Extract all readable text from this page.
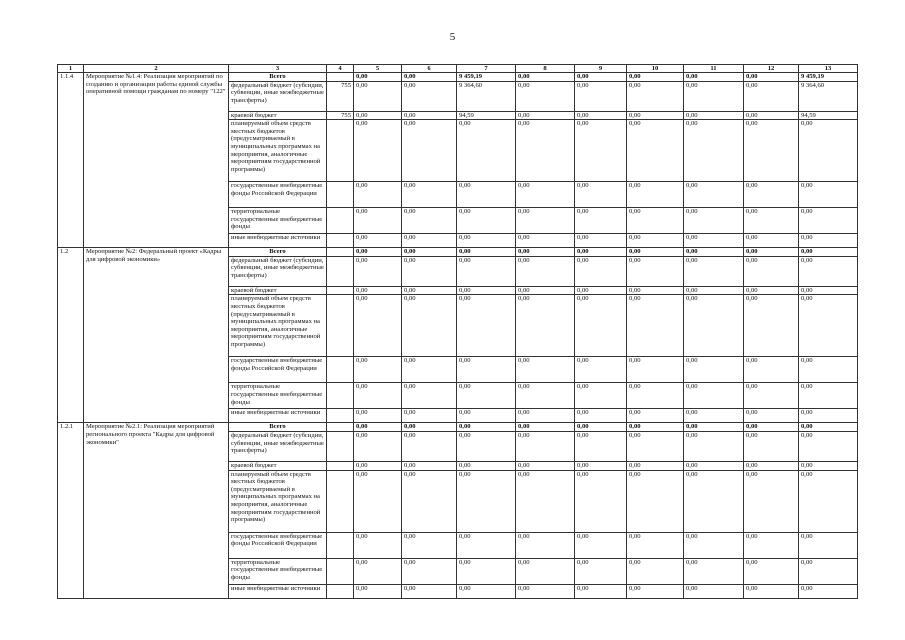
5
1	2	3	4	5	6	7	8	9	10	11	12	13
1.1.4	Мероприятие №1.4: Реализация мероприятий по созданию и организации работы единой службы оперативной помощи гражданам по номеру "122"	Всего		0,00	0,00	9 459,19	0,00	0,00	0,00	0,00	0,00	9 459,19
		федеральный бюджет (субсидии, субвенции, иные межбюджетные трансферты)	755	0,00	0,00	9 364,60	0,00	0,00	0,00	0,00	0,00	9 364,60
		краевой бюджет	755	0,00	0,00	94,59	0,00	0,00	0,00	0,00	0,00	94,59
		планируемый объем средств местных бюджетов (предусматриваемый в муниципальных программах на мероприятия, аналогичные мероприятиям государственной программы)		0,00	0,00	0,00	0,00	0,00	0,00	0,00	0,00	0,00
		государственные внебюджетные фонды Российской Федерации		0,00	0,00	0,00	0,00	0,00	0,00	0,00	0,00	0,00
		территориальные государственные внебюджетные фонды		0,00	0,00	0,00	0,00	0,00	0,00	0,00	0,00	0,00
		иные внебюджетные источники		0,00	0,00	0,00	0,00	0,00	0,00	0,00	0,00	0,00
1.2	Мероприятие №2: Федеральный проект «Кадры для цифровой экономики»	Всего		0,00	0,00	0,00	0,00	0,00	0,00	0,00	0,00	0,00
		федеральный бюджет (субсидии, субвенции, иные межбюджетные трансферты)		0,00	0,00	0,00	0,00	0,00	0,00	0,00	0,00	0,00
		краевой бюджет		0,00	0,00	0,00	0,00	0,00	0,00	0,00	0,00	0,00
		планируемый объем средств местных бюджетов (предусматриваемый в муниципальных программах на мероприятия, аналогичные мероприятиям государственной программы)		0,00	0,00	0,00	0,00	0,00	0,00	0,00	0,00	0,00
		государственные внебюджетные фонды Российской Федерации		0,00	0,00	0,00	0,00	0,00	0,00	0,00	0,00	0,00
		территориальные государственные внебюджетные фонды		0,00	0,00	0,00	0,00	0,00	0,00	0,00	0,00	0,00
		иные внебюджетные источники		0,00	0,00	0,00	0,00	0,00	0,00	0,00	0,00	0,00
1.2.1	Мероприятие №2.1: Реализация мероприятий регионального проекта "Кадры для цифровой экономики"	Всего		0,00	0,00	0,00	0,00	0,00	0,00	0,00	0,00	0,00
		федеральный бюджет (субсидии, субвенции, иные межбюджетные трансферты)		0,00	0,00	0,00	0,00	0,00	0,00	0,00	0,00	0,00
		краевой бюджет		0,00	0,00	0,00	0,00	0,00	0,00	0,00	0,00	0,00
		планируемый объем средств местных бюджетов (предусматриваемый в муниципальных программах на мероприятия, аналогичные мероприятиям государственной программы)		0,00	0,00	0,00	0,00	0,00	0,00	0,00	0,00	0,00
		государственные внебюджетные фонды Российской Федерации		0,00	0,00	0,00	0,00	0,00	0,00	0,00	0,00	0,00
		территориальные государственные внебюджетные фонды		0,00	0,00	0,00	0,00	0,00	0,00	0,00	0,00	0,00
		иные внебюджетные источники		0,00	0,00	0,00	0,00	0,00	0,00	0,00	0,00	0,00
